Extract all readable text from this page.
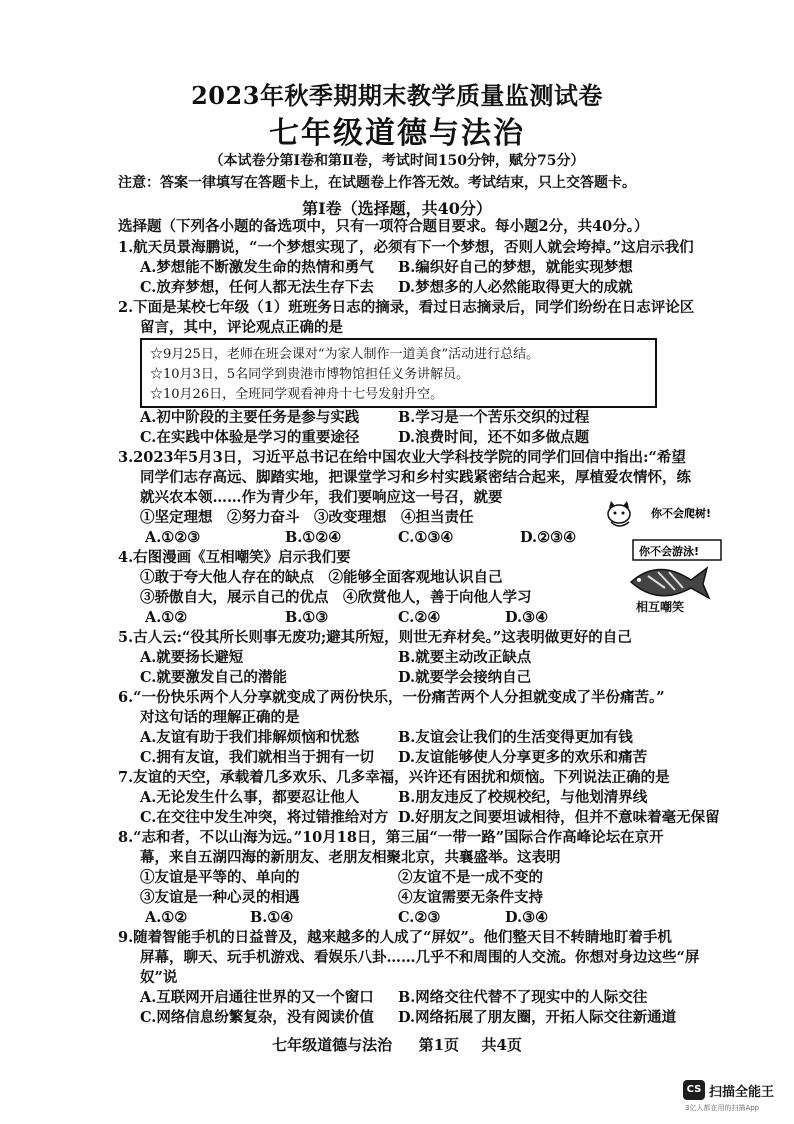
2023年秋季期期末教学质量监测试卷
七年级道德与法治
（本试卷分第Ⅰ卷和第Ⅱ卷，考试时间150分钟，赋分75分）
注意：答案一律填写在答题卡上，在试题卷上作答无效。考试结束，只上交答题卡。
第Ⅰ卷（选择题，共40分）
选择题（下列各小题的备选项中，只有一项符合题目要求。每小题2分，共40分。）
1.航天员景海鹏说，“一个梦想实现了，必须有下一个梦想，否则人就会垮掉。”这启示我们
A.梦想能不断激发生命的热情和勇气 B.编织好自己的梦想，就能实现梦想
C.放弃梦想，任何人都无法生存下去 D.梦想多的人必然能取得更大的成就
2.下面是某校七年级（1）班班务日志的摘录，看过日志摘录后，同学们纷纷在日志评论区
留言，其中，评论观点正确的是
☆9月25日，老师在班会课对“为家人制作一道美食”活动进行总结。
☆10月3日，5名同学到贵港市博物馆担任义务讲解员。
☆10月26日，全班同学观看神舟十七号发射升空。
A.初中阶段的主要任务是参与实践	B.学习是一个苦乐交织的过程
C.在实践中体验是学习的重要途径	D.浪费时间，还不如多做点题
3.2023年5月3日，习近平总书记在给中国农业大学科技学院的同学们回信中指出:“希望
同学们志存高远、脚踏实地，把课堂学习和乡村实践紧密结合起来，厚植爱农情怀，练
就兴农本领……作为青少年，我们要响应这一号召，就要
①坚定理想　②努力奋斗　③改变理想　④担当责任
A.①②③	B.①②④	C.①③④	D.②③④
你不会爬树!
你不会游泳!
相互嘲笑
4.右图漫画《互相嘲笑》启示我们要
①敢于夸大他人存在的缺点　②能够全面客观地认识自己
③骄傲自大，展示自己的优点　④欣赏他人，善于向他人学习
A.①②	B.①③	C.②④	D.③④
5.古人云:“役其所长则事无废功;避其所短，则世无弃材矣。”这表明做更好的自己
A.就要扬长避短	B.就要主动改正缺点
C.就要激发自己的潜能	D.就要学会接纳自己
6.“一份快乐两个人分享就变成了两份快乐，一份痛苦两个人分担就变成了半份痛苦。”
对这句话的理解正确的是
A.友谊有助于我们排解烦恼和忧愁	B.友谊会让我们的生活变得更加有钱
C.拥有友谊，我们就相当于拥有一切 D.友谊能够使人分享更多的欢乐和痛苦
7.友谊的天空，承载着几多欢乐、几多幸福，兴许还有困扰和烦恼。下列说法正确的是
A.无论发生什么事，都要忍让他人	B.朋友违反了校规校纪，与他划清界线
C.在交往中发生冲突，将过错推给对方 D.好朋友之间要坦诚相待，但并不意味着毫无保留
8.“志和者，不以山海为远。”10月18日，第三届“一带一路”国际合作高峰论坛在京开
幕，来自五湖四海的新朋友、老朋友相聚北京，共襄盛举。这表明
①友谊是平等的、单向的	②友谊不是一成不变的
③友谊是一种心灵的相遇	④友谊需要无条件支持
A.①②	B.①④	C.②③	D.③④
9.随着智能手机的日益普及，越来越多的人成了“屏奴”。他们整天目不转睛地盯着手机
屏幕，聊天、玩手机游戏、看娱乐八卦……几乎不和周围的人交流。你想对身边这些“屏
奴”说
A.互联网开启通往世界的又一个窗口 B.网络交往代替不了现实中的人际交往
C.网络信息纷繁复杂，没有阅读价值 D.网络拓展了朋友圈，开拓人际交往新通道
七年级道德与法治 第1页 共4页
CS 扫描全能王
3亿人都在用的扫描App
